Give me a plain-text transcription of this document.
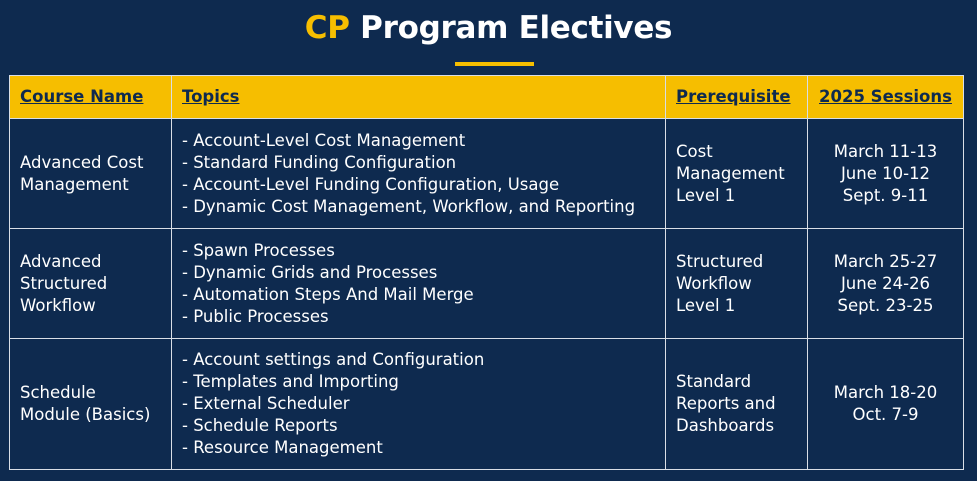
CP Program Electives
Course Name	Topics	Prerequisite	2025 Sessions

Advanced Cost
Management	- Account-Level Cost Management
- Standard Funding Configuration
- Account-Level Funding Configuration, Usage
- Dynamic Cost Management, Workflow, and Reporting	Cost
Management
Level 1	March 11-13
June 10-12
Sept. 9-11

Advanced
Structured
Workflow	- Spawn Processes
- Dynamic Grids and Processes
- Automation Steps And Mail Merge
- Public Processes	Structured
Workflow
Level 1	March 25-27
June 24-26
Sept. 23-25

Schedule
Module (Basics)	- Account settings and Configuration
- Templates and Importing
- External Scheduler
- Schedule Reports
- Resource Management	Standard
Reports and
Dashboards	March 18-20
Oct. 7-9
